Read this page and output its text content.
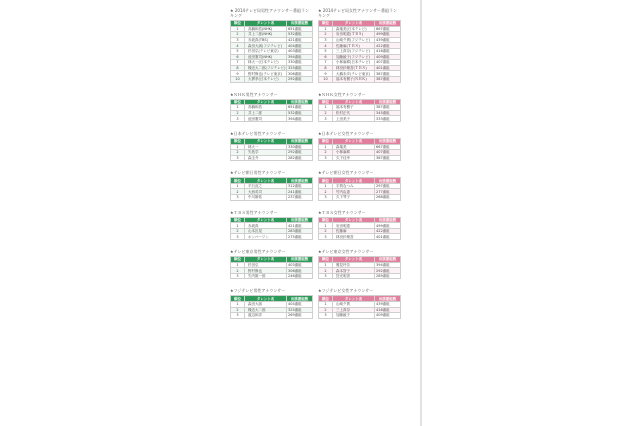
★ 2014テレビ局男性アナウンサー番組ランキング
順位	タレント名	出演番組数
1	高橋和浩(NHK)	651番組
2	井上二郎(NHK)	532番組
3	赤坂真(TBS)	421番組
4	森田大誠(フジテレビ)	404番組
5	杉田弘(テレビ東京)	403番組
6	池田憲司(NHK)	394番組
7	林大一(日本テレビ)	330番組
8	棟近大二郎(フジテレビ)	325番組
9	野村修也(テレビ東京)	306番組
10	大貫孝(日本テレビ)	292番組
★ＮＨＫ男性アナウンサー
順位	タレント名	出演番組数
1	高橋和浩	651番組
2	井上二郎	532番組
3	池田憲司	394番組
★日本テレビ男性アナウンサー
順位	タレント名	出演番組数
1	林大一	330番組
2	矢島学	292番組
3	森圭介	282番組
★テレビ朝日男性アナウンサー
順位	タレント名	出演番組数
1	平石直之	312番組
2	大西英司	241番組
3	中川雄佑	237番組
★ＴＢＳ男性アナウンサー
順位	タレント名	出演番組数
1	赤坂真	421番組
2	山本匠晃	283番組
3	ホンバーワン	275番組
★テレビ東京男性アナウンサー
順位	タレント名	出演番組数
1	杉田弘	403番組
2	野村修也	306番組
3	矢内雄一郎	246番組
★フジテレビ男性アナウンサー
順位	タレント名	出演番組数
1	森田大誠	404番組
2	棟近大二郎	325番組
3	渡辺和洋	269番組
★ 2014テレビ局女性アナウンサー番組ランキング
順位	タレント名	出演番組数
1	森葉美(日本テレビ)	667番組
2	岩田明恵(ＴＢＳ)	499番組
3	山崎夕貴(フジテレビ)	439番組
4	佐藤麻(ＴＢＳ)	422番組
5	三上真奈(フジテレビ)	416番組
6	加藤綾子(フジテレビ)	409番組
7	小林麻耶(日本テレビ)	407番組
8	林田紗理香(ＴＢＳ)	401番組
9	大橋未歩(テレビ東京)	387番組
10	福本有樹子(ＮＨＫ)	387番組
★ＮＨＫ女性アナウンサー
順位	タレント名	出演番組数
1	福本有樹子	387番組
2	松村正代	345番組
3	上田美子	333番組
★日本テレビ女性アナウンサー
順位	タレント名	出演番組数
1	森葉美	667番組
2	小林麻耶	407番組
3	久下佳幸	387番組
★テレビ朝日女性アナウンサー
順位	タレント名	出演番組数
1	宇賀なつみ	297番組
2	竹内由恵	277番組
3	久下琴子	268番組
★ＴＢＳ女性アナウンサー
順位	タレント名	出演番組数
1	岩田明恵	499番組
2	佐藤麻	422番組
3	林田紗理香	401番組
★テレビ東京女性アナウンサー
順位	タレント名	出演番組数
1	鷲見玲奈	394番組
2	森本智子	292番組
3	狩光明香	289番組
★フジテレビ女性アナウンサー
順位	タレント名	出演番組数
1	山崎夕貴	439番組
2	三上真奈	416番組
3	加藤綾子	409番組
